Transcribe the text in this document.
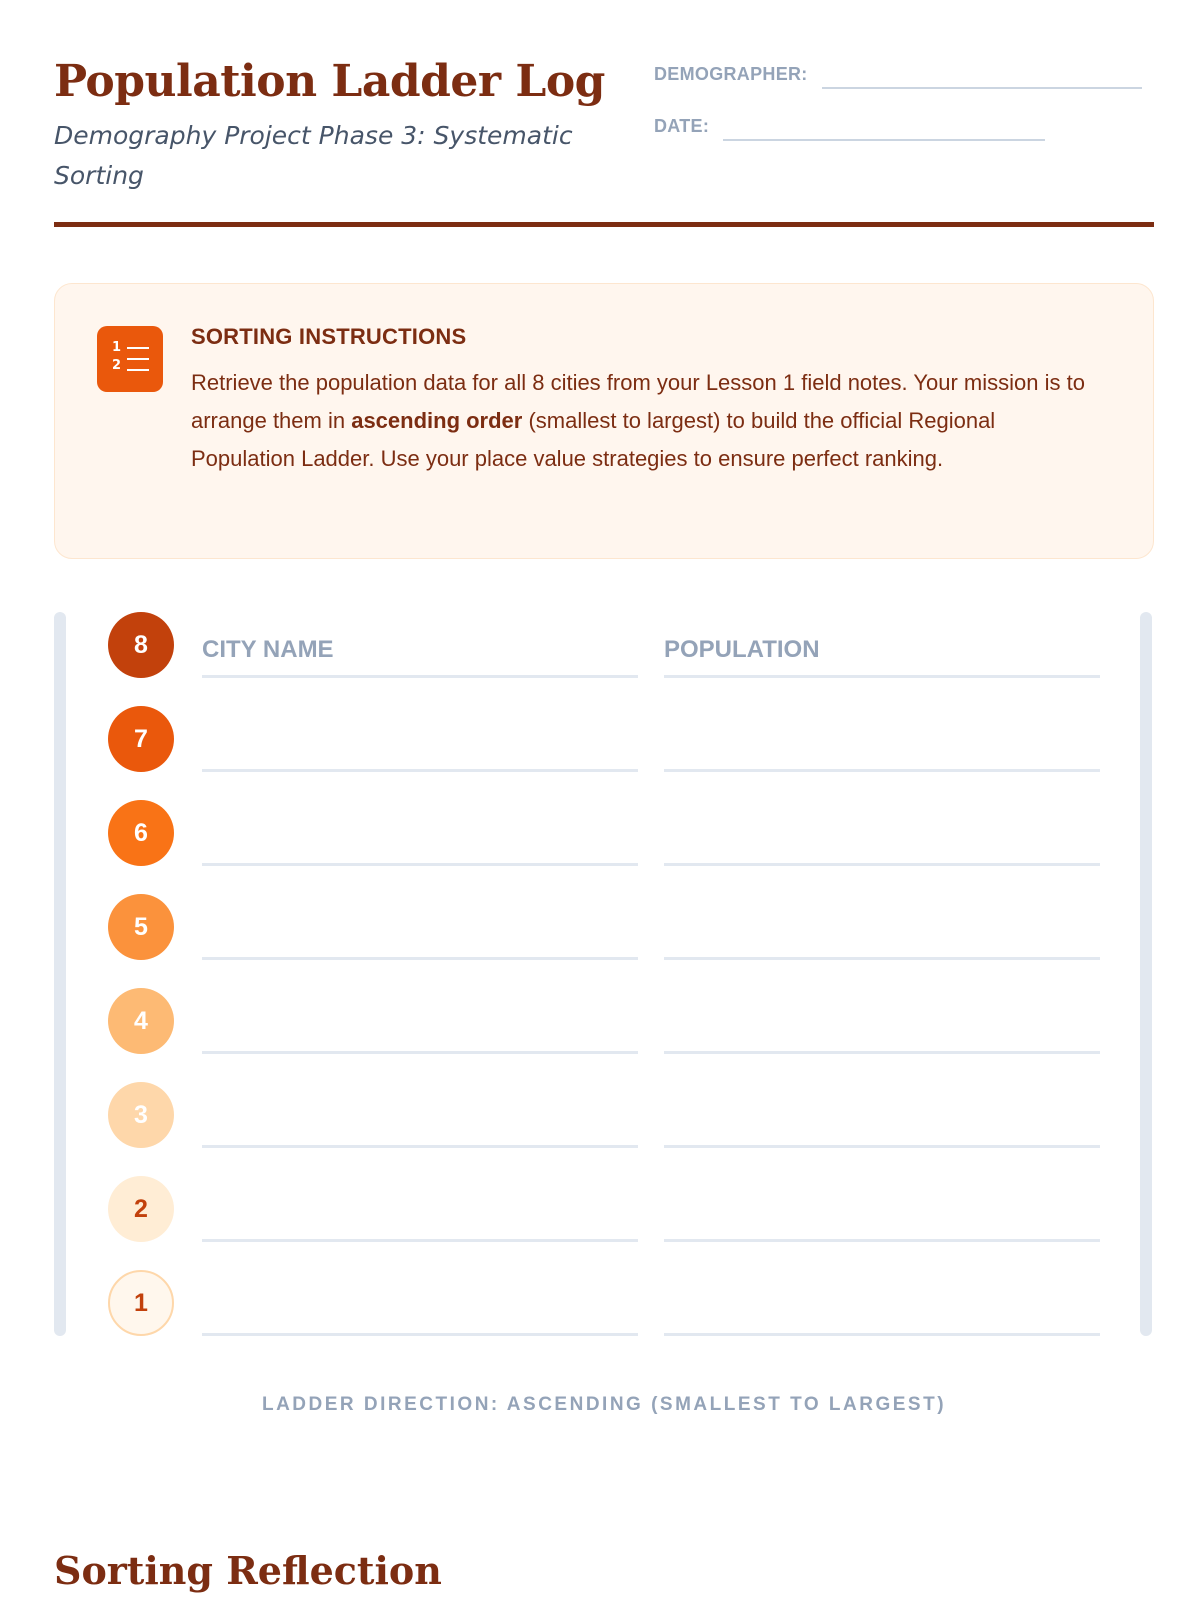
Population Ladder Log

Demography Project Phase 3: Systematic Sorting

DEMOGRAPHER:
DATE:
1
2
SORTING INSTRUCTIONS

Retrieve the population data for all 8 cities from your Lesson 1 field notes. Your mission is to arrange them in ascending order (smallest to largest) to build the official Regional Population Ladder. Use your place value strategies to ensure perfect ranking.

8	CITY NAME	POPULATION
7
6
5
4
3
2
1
LADDER DIRECTION: ASCENDING (SMALLEST TO LARGEST)
Sorting Reflection
